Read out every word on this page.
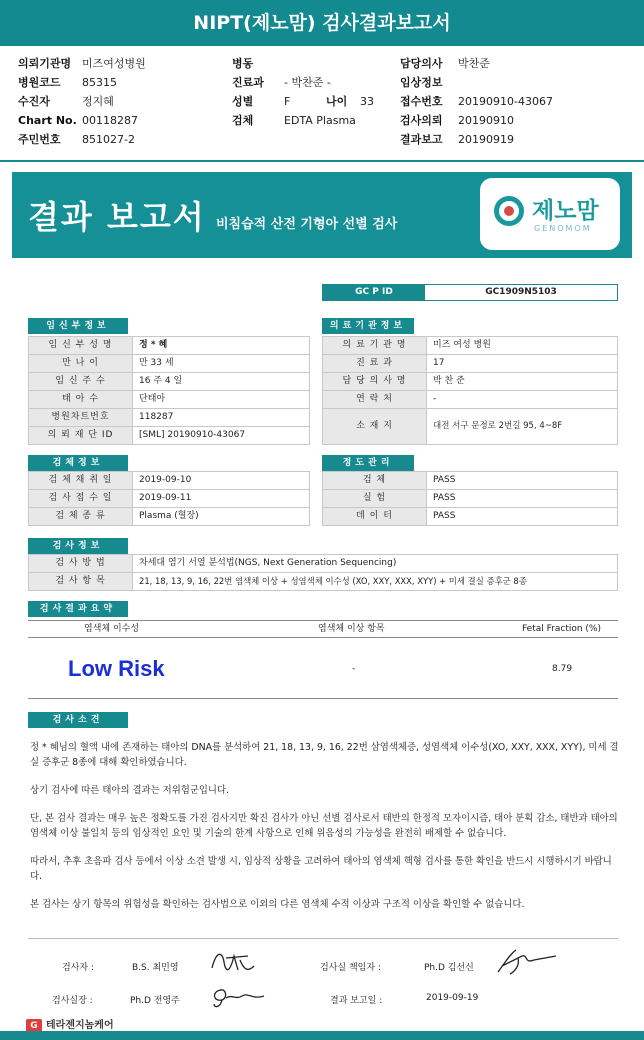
NIPT(제노맘) 검사결과보고서
의뢰기관명 미즈여성병원
병원코드 85315
수진자	정지혜
Chart No. 00118287
주민번호 851027-2
병동
진료과 - 박찬준 -
성별	F	나이 33
검체	EDTA Plasma
담당의사 박찬준
임상정보
접수번호 20190910-43067
검사의뢰 20190910
결과보고 20190919
결과 보고서 비침습적 산전 기형아 선별 검사
제노맘
GENOMOM
GC P ID	GC1909N5103
임신부정보
임 신 부 성 명	정 * 혜
만 나 이	만 33 세
임 신 주 수	16 주 4 일
태 아 수	단태아
병원차트번호	118287
의 뢰 재 단 ID	[SML] 20190910-43067
의료기관정보
의 료 기 관 명	미즈 여성 병원
진 료 과	17
담 당 의 사 명	박 찬 준
연 락 처	-
소 재 지	대전 서구 문정로 2번길 95, 4~8F
검체정보
검 체 채 취 일	2019-09-10
검 사 접 수 일	2019-09-11
검 체 종 류	Plasma (혈장)
정도관리
검 체	PASS
실 험	PASS
데 이 터	PASS
검사정보
검 사 방 법	차세대 염기 서열 분석법(NGS, Next Generation Sequencing)
검 사 항 목	21, 18, 13, 9, 16, 22번 염색체 이상 + 성염색체 이수성 (XO, XXY, XXX, XYY) + 미세 결실 증후군 8종
검사결과요약
염색체 이수성	염색체 이상 항목	Fetal Fraction (%)
Low Risk	-	8.79
검사소견

정 * 혜님의 혈액 내에 존재하는 태아의 DNA를 분석하여 21, 18, 13, 9, 16, 22번 삼염색체증, 성염색체 이수성(XO, XXY, XXX, XYY), 미세 결실 증후군 8종에 대해 확인하였습니다.

상기 검사에 따른 태아의 결과는 저위험군입니다.

단, 본 검사 결과는 매우 높은 정확도를 가진 검사지만 확진 검사가 아닌 선별 검사로서 태반의 한정적 모자이시즘, 태아 분획 감소, 태반과 태아의 염색체 이상 불일치 등의 임상적인 요인 및 기술의 한계 사항으로 인해 위음성의 가능성을 완전히 배제할 수 없습니다.

따라서, 추후 초음파 검사 등에서 이상 소견 발생 시, 임상적 상황을 고려하여 태아의 염색체 핵형 검사를 통한 확인을 반드시 시행하시기 바랍니다.

본 검사는 상기 항목의 위험성을 확인하는 검사법으로 이외의 다른 염색체 수적 이상과 구조적 이상을 확인할 수 없습니다.

검사자 :	B.S. 최민영	검사실 책임자 :	Ph.D 김선신
검사실장 :	Ph.D 전영주	결과 보고일 :	2019-09-19
G 테라젠지놈케어
